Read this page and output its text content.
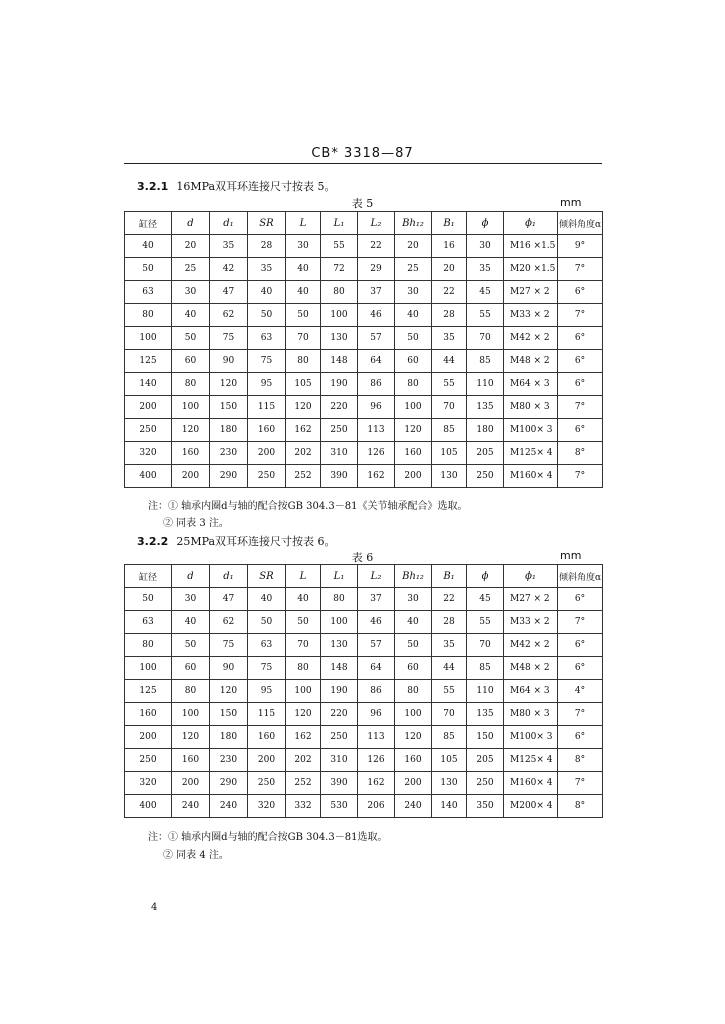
CB* 3318—87
3.2.1 16MPa双耳环连接尺寸按表 5。
表 5	mm
缸径	d	d₁	SR	L	L₁	L₂	Bh₁₂	B₁	ϕ	ϕ₁	倾斜角度α
40	20	35	28	30	55	22	20	16	30	M16 ×1.5	9°
50	25	42	35	40	72	29	25	20	35	M20 ×1.5	7°
63	30	47	40	40	80	37	30	22	45	M27 × 2	6°
80	40	62	50	50	100	46	40	28	55	M33 × 2	7°
100	50	75	63	70	130	57	50	35	70	M42 × 2	6°
125	60	90	75	80	148	64	60	44	85	M48 × 2	6°
140	80	120	95	105	190	86	80	55	110	M64 × 3	6°
200	100	150	115	120	220	96	100	70	135	M80 × 3	7°
250	120	180	160	162	250	113	120	85	180	M100× 3	6°
320	160	230	200	202	310	126	160	105	205	M125× 4	8°
400	200	290	250	252	390	162	200	130	250	M160× 4	7°
注：① 轴承内圈d与轴的配合按GB 304.3－81《关节轴承配合》选取。
② 同表 3 注。
3.2.2 25MPa双耳环连接尺寸按表 6。
表 6	mm
缸径	d	d₁	SR	L	L₁	L₂	Bh₁₂	B₁	ϕ	ϕ₁	倾斜角度α
50	30	47	40	40	80	37	30	22	45	M27 × 2	6°
63	40	62	50	50	100	46	40	28	55	M33 × 2	7°
80	50	75	63	70	130	57	50	35	70	M42 × 2	6°
100	60	90	75	80	148	64	60	44	85	M48 × 2	6°
125	80	120	95	100	190	86	80	55	110	M64 × 3	4°
160	100	150	115	120	220	96	100	70	135	M80 × 3	7°
200	120	180	160	162	250	113	120	85	150	M100× 3	6°
250	160	230	200	202	310	126	160	105	205	M125× 4	8°
320	200	290	250	252	390	162	200	130	250	M160× 4	7°
400	240	240	320	332	530	206	240	140	350	M200× 4	8°
注：① 轴承内圈d与轴的配合按GB 304.3－81选取。
② 同表 4 注。
4
